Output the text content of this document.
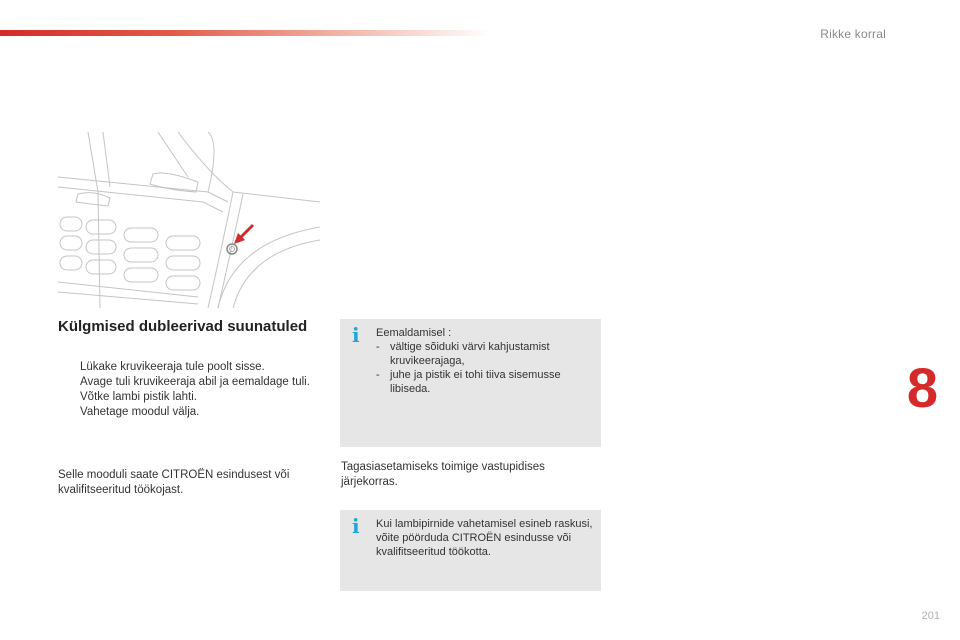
Rikke korral
8
201
Külgmised dubleerivad suunatuled
Lükake kruvikeeraja tule poolt sisse.
Avage tuli kruvikeeraja abil ja eemaldage tuli.
Võtke lambi pistik lahti.
Vahetage moodul välja.
Selle mooduli saate CITROËN esindusest või kvalifitseeritud töökojast.
i Eemaldamisel :
- vältige sõiduki värvi kahjustamist kruvikeerajaga,
- juhe ja pistik ei tohi tiiva sisemusse libiseda.
Tagasiasetamiseks toimige vastupidises järjekorras.
i Kui lambipirnide vahetamisel esineb raskusi, võite pöörduda CITROËN esindusse või kvalifitseeritud töökotta.
